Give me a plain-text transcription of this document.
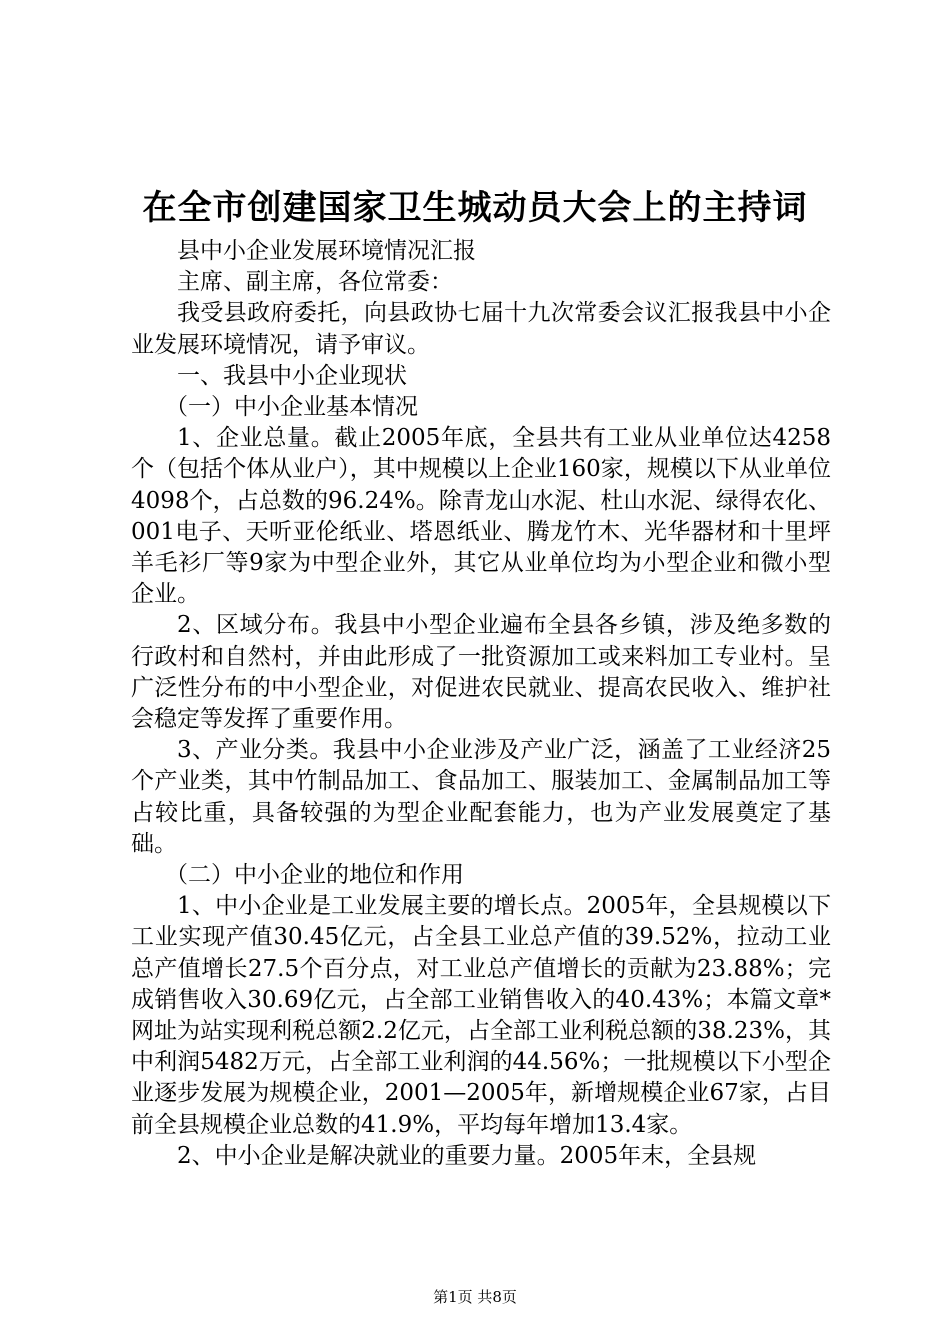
在全市创建国家卫生城动员大会上的主持词

县中小企业发展环境情况汇报

主席、副主席，各位常委：

我受县政府委托，向县政协七届十九次常委会议汇报我县中小企业发展环境情况，请予审议。

一、我县中小企业现状

（一）中小企业基本情况

1、企业总量。截止2005年底，全县共有工业从业单位达4258个（包括个体从业户），其中规模以上企业160家，规模以下从业单位4098个，占总数的96.24%。除青龙山水泥、杜山水泥、绿得农化、001电子、天听亚伦纸业、塔恩纸业、腾龙竹木、光华器材和十里坪羊毛衫厂等9家为中型企业外，其它从业单位均为小型企业和微小型企业。

2、区域分布。我县中小型企业遍布全县各乡镇，涉及绝多数的行政村和自然村，并由此形成了一批资源加工或来料加工专业村。呈广泛性分布的中小型企业，对促进农民就业、提高农民收入、维护社会稳定等发挥了重要作用。

3、产业分类。我县中小企业涉及产业广泛，涵盖了工业经济25个产业类，其中竹制品加工、食品加工、服装加工、金属制品加工等占较比重，具备较强的为型企业配套能力，也为产业发展奠定了基础。

（二）中小企业的地位和作用

1、中小企业是工业发展主要的增长点。2005年，全县规模以下工业实现产值30.45亿元，占全县工业总产值的39.52%，拉动工业总产值增长27.5个百分点，对工业总产值增长的贡献为23.88%；完成销售收入30.69亿元，占全部工业销售收入的40.43%；本篇文章*网址为站实现利税总额2.2亿元，占全部工业利税总额的38.23%，其中利润5482万元，占全部工业利润的44.56%；一批规模以下小型企业逐步发展为规模企业，2001—2005年，新增规模企业67家，占目前全县规模企业总数的41.9%，平均每年增加13.4家。

2、中小企业是解决就业的重要力量。2005年末，全县规

第1页 共8页
